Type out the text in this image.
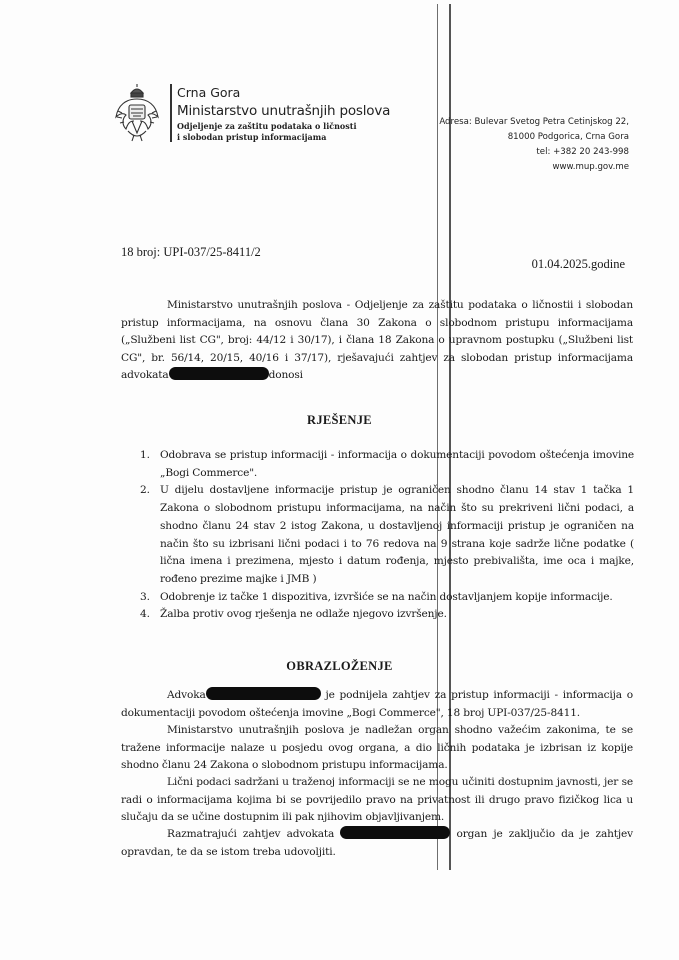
Crna Gora
Ministarstvo unutrašnjih poslova
Odjeljenje za zaštitu podataka o ličnosti
i slobodan pristup informacijama
Adresa: Bulevar Svetog Petra Cetinjskog 22,
81000 Podgorica, Crna Gora
tel: +382 20 243-998
www.mup.gov.me
18 broj: UPI-037/25-8411/2
01.04.2025.godine
Ministarstvo unutrašnjih poslova - Odjeljenje za zaštitu podataka o ličnostii i slobodan pristup informacijama, na osnovu člana 30 Zakona o slobodnom pristupu informacijama („Službeni list CG", broj: 44/12 i 30/17), i člana 18 Zakona o upravnom postupku („Službeni list CG", br. 56/14, 20/15, 40/16 i 37/17), rješavajući zahtjev za slobodan pristup informacijama advokata	donosi
RJEŠENJE
1. Odobrava se pristup informaciji - informacija o dokumentaciji povodom oštećenja imovine „Bogi Commerce".
2. U dijelu dostavljene informacije pristup je ograničen shodno članu 14 stav 1 tačka 1 Zakona o slobodnom pristupu informacijama, na način što su prekriveni lični podaci, a shodno članu 24 stav 2 istog Zakona, u dostavljenoj informaciji pristup je ograničen na način što su izbrisani lični podaci i to 76 redova na 9 strana koje sadrže lične podatke ( lična imena i prezimena, mjesto i datum rođenja, mjesto prebivališta, ime oca i majke, rođeno prezime majke i JMB )
3. Odobrenje iz tačke 1 dispozitiva, izvršiće se na način dostavljanjem kopije informacije.
4. Žalba protiv ovog rješenja ne odlaže njegovo izvršenje.
OBRAZLOŽENJE
Advoka	je podnijela zahtjev za pristup informaciji - informacija o dokumentaciji povodom oštećenja imovine „Bogi Commerce", 18 broj UPI-037/25-8411.
Ministarstvo unutrašnjih poslova je nadležan organ shodno važećim zakonima, te se tražene informacije nalaze u posjedu ovog organa, a dio ličnih podataka je izbrisan iz kopije shodno članu 24 Zakona o slobodnom pristupu informacijama.
Lični podaci sadržani u traženoj informaciji se ne mogu učiniti dostupnim javnosti, jer se radi o informacijama kojima bi se povrijedilo pravo na privatnost ili drugo pravo fizičkog lica u slučaju da se učine dostupnim ili pak njihovim objavljivanjem.
Razmatrajući zahtjev advokata	organ je zaključio da je zahtjev opravdan, te da se istom treba udovoljiti.
